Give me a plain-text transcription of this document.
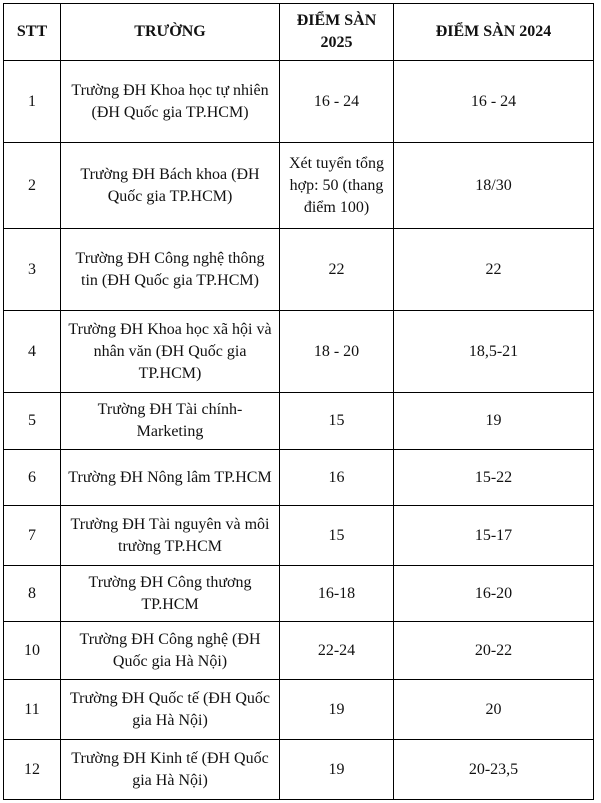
STT	TRƯỜNG	ĐIỂM SÀN 2025	ĐIỂM SÀN 2024
1	Trường ĐH Khoa học tự nhiên (ĐH Quốc gia TP.HCM)	16 - 24	16 - 24
2	Trường ĐH Bách khoa (ĐH Quốc gia TP.HCM)	Xét tuyển tổng hợp: 50 (thang điểm 100)	18/30
3	Trường ĐH Công nghệ thông tin (ĐH Quốc gia TP.HCM)	22	22
4	Trường ĐH Khoa học xã hội và nhân văn (ĐH Quốc gia TP.HCM)	18 - 20	18,5-21
5	Trường ĐH Tài chính-Marketing	15	19
6	Trường ĐH Nông lâm TP.HCM	16	15-22
7	Trường ĐH Tài nguyên và môi trường TP.HCM	15	15-17
8	Trường ĐH Công thương TP.HCM	16-18	16-20
10	Trường ĐH Công nghệ (ĐH Quốc gia Hà Nội)	22-24	20-22
11	Trường ĐH Quốc tế (ĐH Quốc gia Hà Nội)	19	20
12	Trường ĐH Kinh tế (ĐH Quốc gia Hà Nội)	19	20-23,5
